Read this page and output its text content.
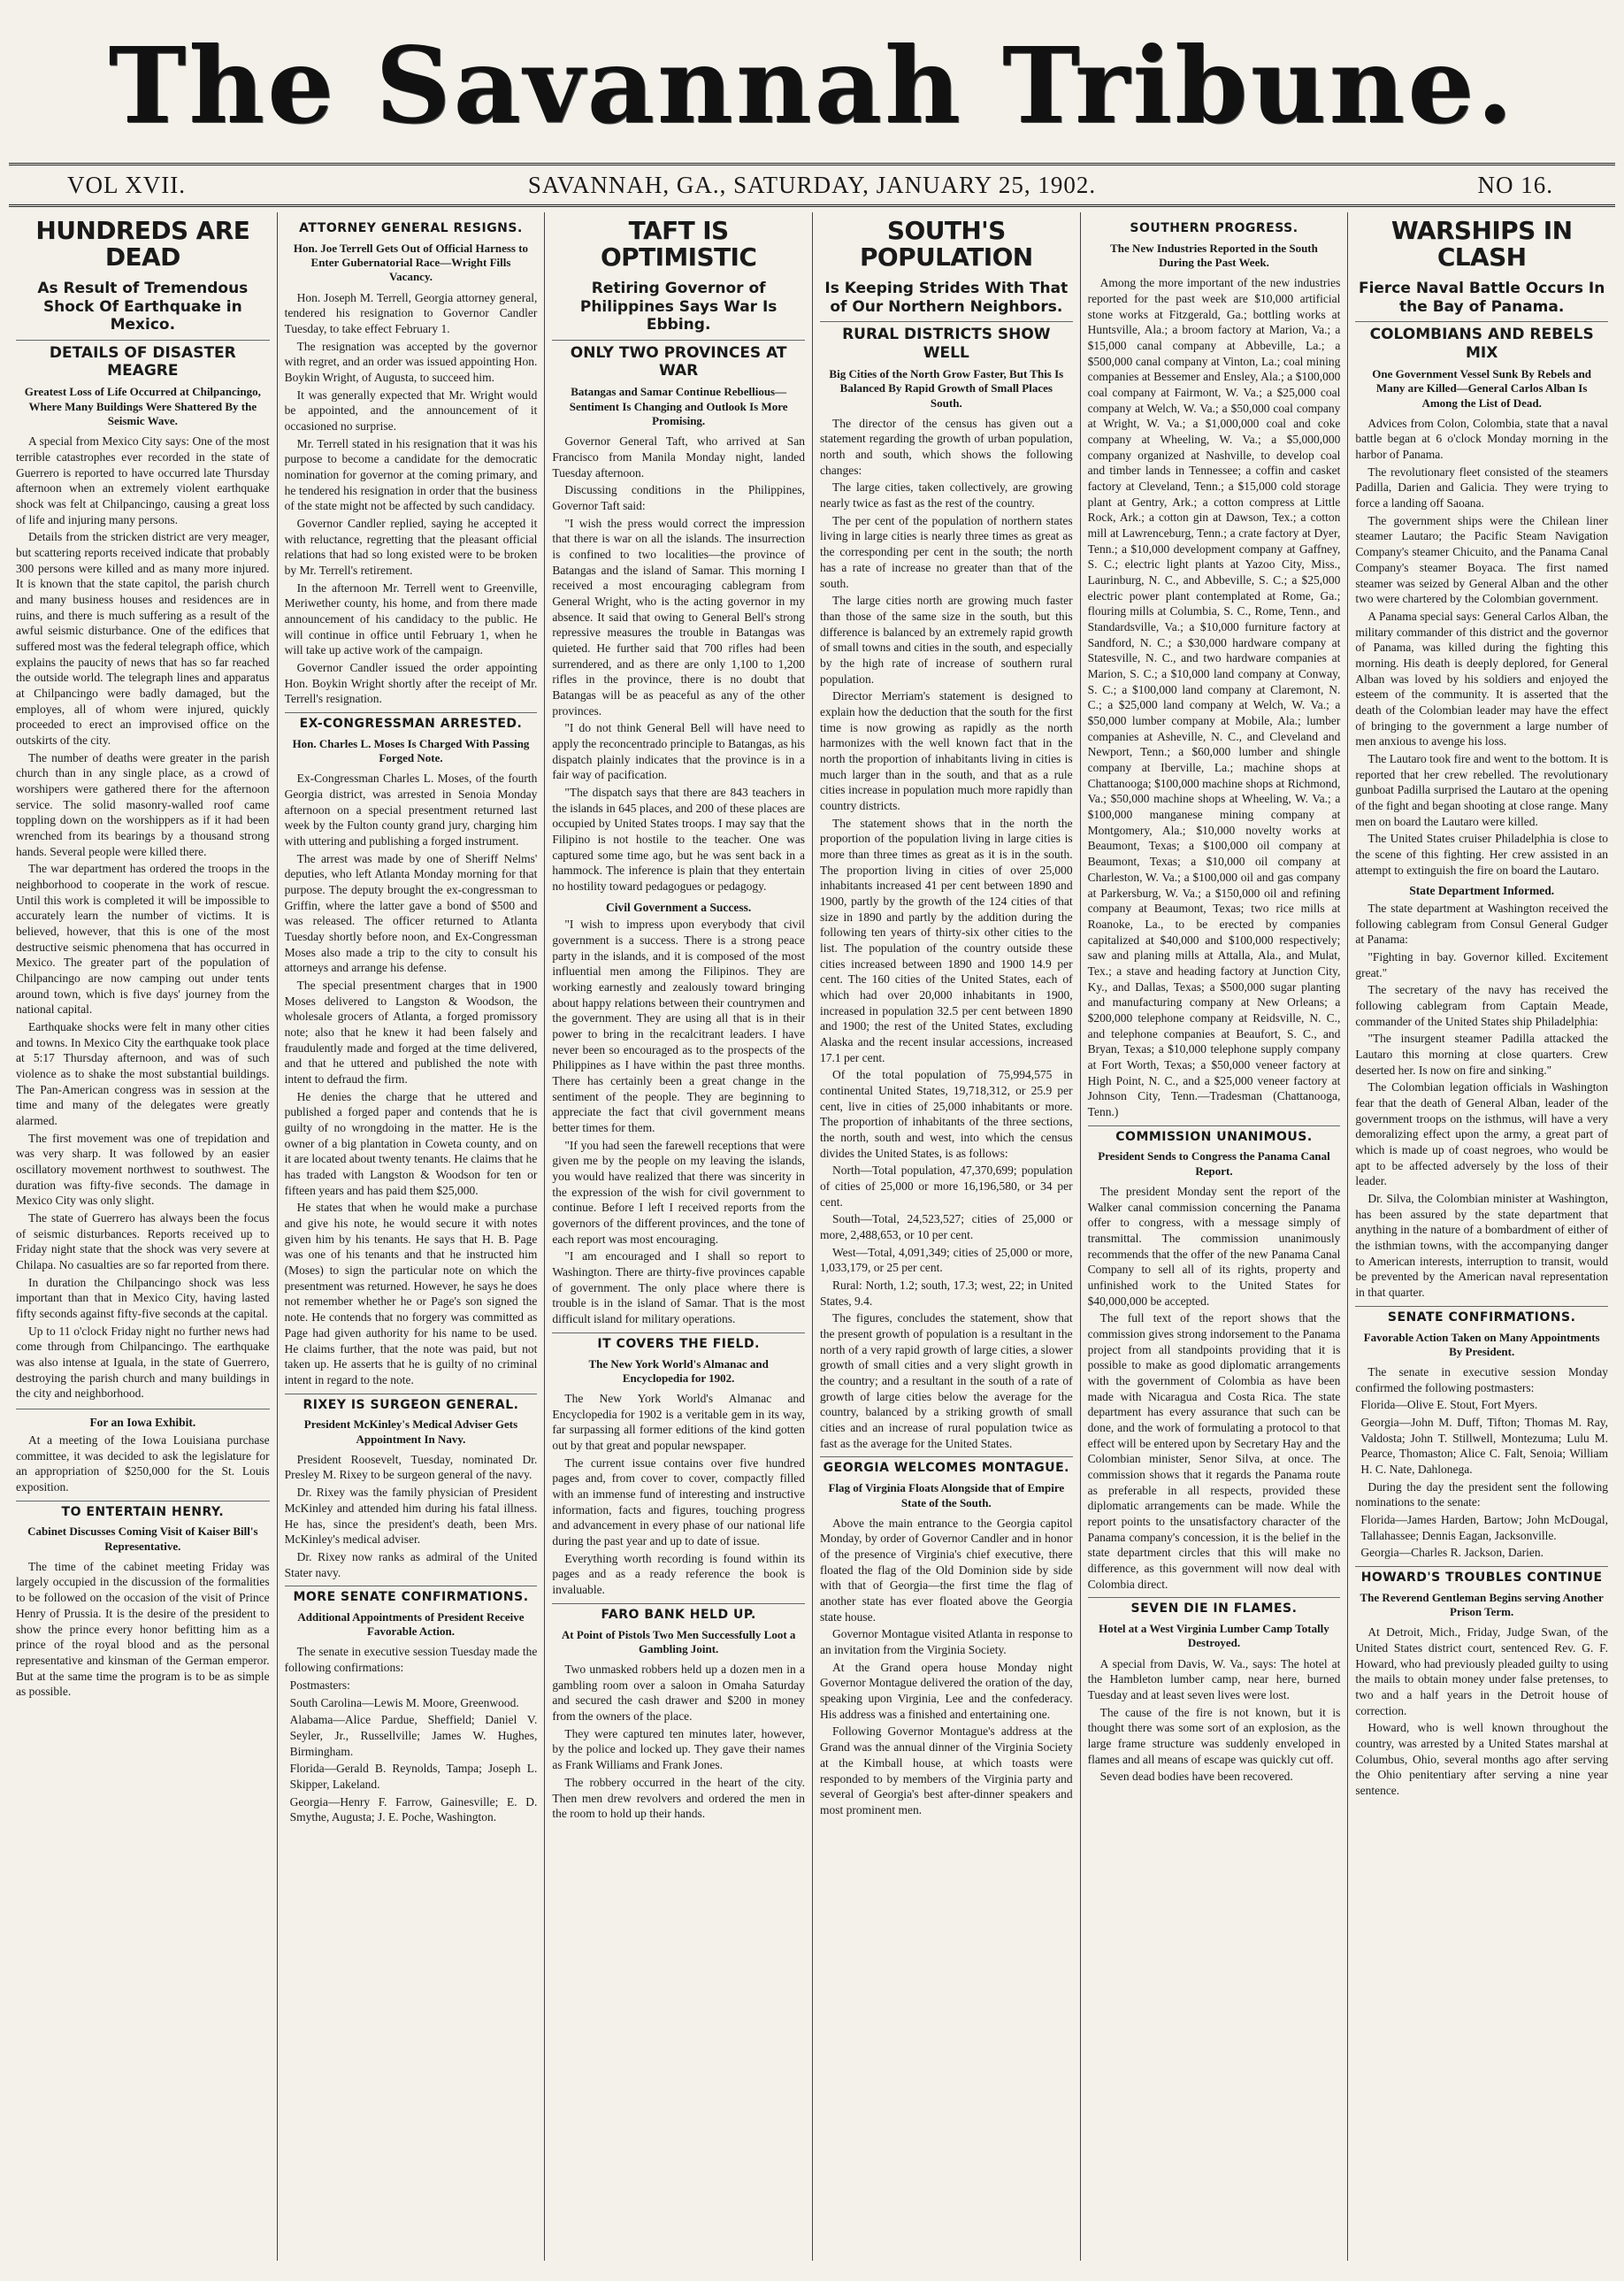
The Savannah Tribune.
VOL XVII.	SAVANNAH, GA., SATURDAY, JANUARY 25, 1902.	NO 16.
HUNDREDS ARE DEAD
As Result of Tremendous Shock Of Earthquake in Mexico.
DETAILS OF DISASTER MEAGRE
Greatest Loss of Life Occurred at Chilpancingo, Where Many Buildings Were Shattered By the Seismic Wave.

A special from Mexico City says: One of the most terrible catastrophes ever recorded in the state of Guerrero is reported to have occurred late Thursday afternoon when an extremely violent earthquake shock was felt at Chilpancingo, causing a great loss of life and injuring many persons.

Details from the stricken district are very meager, but scattering reports received indicate that probably 300 persons were killed and as many more injured. It is known that the state capitol, the parish church and many business houses and residences are in ruins, and there is much suffering as a result of the awful seismic disturbance. One of the edifices that suffered most was the federal telegraph office, which explains the paucity of news that has so far reached the outside world. The telegraph lines and apparatus at Chilpancingo were badly damaged, but the employes, all of whom were injured, quickly proceeded to erect an improvised office on the outskirts of the city.

The number of deaths were greater in the parish church than in any single place, as a crowd of worshipers were gathered there for the afternoon service. The solid masonry-walled roof came toppling down on the worshippers as if it had been wrenched from its bearings by a thousand strong hands. Several people were killed there.

The war department has ordered the troops in the neighborhood to cooperate in the work of rescue. Until this work is completed it will be impossible to accurately learn the number of victims. It is believed, however, that this is one of the most destructive seismic phenomena that has occurred in Mexico. The greater part of the population of Chilpancingo are now camping out under tents around town, which is five days' journey from the national capital.

Earthquake shocks were felt in many other cities and towns. In Mexico City the earthquake took place at 5:17 Thursday afternoon, and was of such violence as to shake the most substantial buildings. The Pan-American congress was in session at the time and many of the delegates were greatly alarmed.

The first movement was one of trepidation and was very sharp. It was followed by an easier oscillatory movement northwest to southwest. The duration was fifty-five seconds. The damage in Mexico City was only slight.

The state of Guerrero has always been the focus of seismic disturbances. Reports received up to Friday night state that the shock was very severe at Chilapa. No casualties are so far reported from there.

In duration the Chilpancingo shock was less important than that in Mexico City, having lasted fifty seconds against fifty-five seconds at the capital.

Up to 11 o'clock Friday night no further news had come through from Chilpancingo. The earthquake was also intense at Iguala, in the state of Guerrero, destroying the parish church and many buildings in the city and neighborhood.

For an Iowa Exhibit.

At a meeting of the Iowa Louisiana purchase committee, it was decided to ask the legislature for an appropriation of $250,000 for the St. Louis exposition.

TO ENTERTAIN HENRY.
Cabinet Discusses Coming Visit of Kaiser Bill's Representative.

The time of the cabinet meeting Friday was largely occupied in the discussion of the formalities to be followed on the occasion of the visit of Prince Henry of Prussia. It is the desire of the president to show the prince every honor befitting him as a prince of the royal blood and as the personal representative and kinsman of the German emperor. But at the same time the program is to be as simple as possible.

ATTORNEY GENERAL RESIGNS.
Hon. Joe Terrell Gets Out of Official Harness to Enter Gubernatorial Race—Wright Fills Vacancy.

Hon. Joseph M. Terrell, Georgia attorney general, tendered his resignation to Governor Candler Tuesday, to take effect February 1.

The resignation was accepted by the governor with regret, and an order was issued appointing Hon. Boykin Wright, of Augusta, to succeed him.

It was generally expected that Mr. Wright would be appointed, and the announcement of it occasioned no surprise.

Mr. Terrell stated in his resignation that it was his purpose to become a candidate for the democratic nomination for governor at the coming primary, and he tendered his resignation in order that the business of the state might not be affected by such candidacy.

Governor Candler replied, saying he accepted it with reluctance, regretting that the pleasant official relations that had so long existed were to be broken by Mr. Terrell's retirement.

In the afternoon Mr. Terrell went to Greenville, Meriwether county, his home, and from there made announcement of his candidacy to the public. He will continue in office until February 1, when he will take up active work of the campaign.

Governor Candler issued the order appointing Hon. Boykin Wright shortly after the receipt of Mr. Terrell's resignation.

EX-CONGRESSMAN ARRESTED.
Hon. Charles L. Moses Is Charged With Passing Forged Note.

Ex-Congressman Charles L. Moses, of the fourth Georgia district, was arrested in Senoia Monday afternoon on a special presentment returned last week by the Fulton county grand jury, charging him with uttering and publishing a forged instrument.

The arrest was made by one of Sheriff Nelms' deputies, who left Atlanta Monday morning for that purpose. The deputy brought the ex-congressman to Griffin, where the latter gave a bond of $500 and was released. The officer returned to Atlanta Tuesday shortly before noon, and Ex-Congressman Moses also made a trip to the city to consult his attorneys and arrange his defense.

The special presentment charges that in 1900 Moses delivered to Langston & Woodson, the wholesale grocers of Atlanta, a forged promissory note; also that he knew it had been falsely and fraudulently made and forged at the time delivered, and that he uttered and published the note with intent to defraud the firm.

He denies the charge that he uttered and published a forged paper and contends that he is guilty of no wrongdoing in the matter. He is the owner of a big plantation in Coweta county, and on it are located about twenty tenants. He claims that he has traded with Langston & Woodson for ten or fifteen years and has paid them $25,000.

He states that when he would make a purchase and give his note, he would secure it with notes given him by his tenants. He says that H. B. Page was one of his tenants and that he instructed him (Moses) to sign the particular note on which the presentment was returned. However, he says he does not remember whether he or Page's son signed the note. He contends that no forgery was committed as Page had given authority for his name to be used. He claims further, that the note was paid, but not taken up. He asserts that he is guilty of no criminal intent in regard to the note.

RIXEY IS SURGEON GENERAL.
President McKinley's Medical Adviser Gets Appointment In Navy.

President Roosevelt, Tuesday, nominated Dr. Presley M. Rixey to be surgeon general of the navy.

Dr. Rixey was the family physician of President McKinley and attended him during his fatal illness. He has, since the president's death, been Mrs. McKinley's medical adviser.

Dr. Rixey now ranks as admiral of the United Stater navy.

MORE SENATE CONFIRMATIONS.
Additional Appointments of President Receive Favorable Action.

The senate in executive session Tuesday made the following confirmations:

Postmasters:

South Carolina—Lewis M. Moore, Greenwood.

Alabama—Alice Pardue, Sheffield; Daniel V. Seyler, Jr., Russellville; James W. Hughes, Birmingham.

Florida—Gerald B. Reynolds, Tampa; Joseph L. Skipper, Lakeland.

Georgia—Henry F. Farrow, Gainesville; E. D. Smythe, Augusta; J. E. Poche, Washington.

TAFT IS OPTIMISTIC
Retiring Governor of Philippines Says War Is Ebbing.
ONLY TWO PROVINCES AT WAR
Batangas and Samar Continue Rebellious—Sentiment Is Changing and Outlook Is More Promising.

Governor General Taft, who arrived at San Francisco from Manila Monday night, landed Tuesday afternoon.

Discussing conditions in the Philippines, Governor Taft said:

"I wish the press would correct the impression that there is war on all the islands. The insurrection is confined to two localities—the province of Batangas and the island of Samar. This morning I received a most encouraging cablegram from General Wright, who is the acting governor in my absence. It said that owing to General Bell's strong repressive measures the trouble in Batangas was quieted. He further said that 700 rifles had been surrendered, and as there are only 1,100 to 1,200 rifles in the province, there is no doubt that Batangas will be as peaceful as any of the other provinces.

"I do not think General Bell will have need to apply the reconcentrado principle to Batangas, as his dispatch plainly indicates that the province is in a fair way of pacification.

"The dispatch says that there are 843 teachers in the islands in 645 places, and 200 of these places are occupied by United States troops. I may say that the Filipino is not hostile to the teacher. One was captured some time ago, but he was sent back in a hammock. The inference is plain that they entertain no hostility toward pedagogues or pedagogy.

Civil Government a Success.

"I wish to impress upon everybody that civil government is a success. There is a strong peace party in the islands, and it is composed of the most influential men among the Filipinos. They are working earnestly and zealously toward bringing about happy relations between their countrymen and the government. They are using all that is in their power to bring in the recalcitrant leaders. I have never been so encouraged as to the prospects of the Philippines as I have within the past three months. There has certainly been a great change in the sentiment of the people. They are beginning to appreciate the fact that civil government means better times for them.

"If you had seen the farewell receptions that were given me by the people on my leaving the islands, you would have realized that there was sincerity in the expression of the wish for civil government to continue. Before I left I received reports from the governors of the different provinces, and the tone of each report was most encouraging.

"I am encouraged and I shall so report to Washington. There are thirty-five provinces capable of government. The only place where there is trouble is in the island of Samar. That is the most difficult island for military operations.

IT COVERS THE FIELD.
The New York World's Almanac and Encyclopedia for 1902.

The New York World's Almanac and Encyclopedia for 1902 is a veritable gem in its way, far surpassing all former editions of the kind gotten out by that great and popular newspaper.

The current issue contains over five hundred pages and, from cover to cover, compactly filled with an immense fund of interesting and instructive information, facts and figures, touching progress and advancement in every phase of our national life during the past year and up to date of issue.

Everything worth recording is found within its pages and as a ready reference the book is invaluable.

FARO BANK HELD UP.
At Point of Pistols Two Men Successfully Loot a Gambling Joint.

Two unmasked robbers held up a dozen men in a gambling room over a saloon in Omaha Saturday and secured the cash drawer and $200 in money from the owners of the place.

They were captured ten minutes later, however, by the police and locked up. They gave their names as Frank Williams and Frank Jones.

The robbery occurred in the heart of the city. Then men drew revolvers and ordered the men in the room to hold up their hands.

SOUTH'S POPULATION
Is Keeping Strides With That of Our Northern Neighbors.
RURAL DISTRICTS SHOW WELL
Big Cities of the North Grow Faster, But This Is Balanced By Rapid Growth of Small Places South.

The director of the census has given out a statement regarding the growth of urban population, north and south, which shows the following changes:

The large cities, taken collectively, are growing nearly twice as fast as the rest of the country.

The per cent of the population of northern states living in large cities is nearly three times as great as the corresponding per cent in the south; the north has a rate of increase no greater than that of the south.

The large cities north are growing much faster than those of the same size in the south, but this difference is balanced by an extremely rapid growth of small towns and cities in the south, and especially by the high rate of increase of southern rural population.

Director Merriam's statement is designed to explain how the deduction that the south for the first time is now growing as rapidly as the north harmonizes with the well known fact that in the north the proportion of inhabitants living in cities is much larger than in the south, and that as a rule cities increase in population much more rapidly than country districts.

The statement shows that in the north the proportion of the population living in large cities is more than three times as great as it is in the south. The proportion living in cities of over 25,000 inhabitants increased 41 per cent between 1890 and 1900, partly by the growth of the 124 cities of that size in 1890 and partly by the addition during the following ten years of thirty-six other cities to the list. The population of the country outside these cities increased between 1890 and 1900 14.9 per cent. The 160 cities of the United States, each of which had over 20,000 inhabitants in 1900, increased in population 32.5 per cent between 1890 and 1900; the rest of the United States, excluding Alaska and the recent insular accessions, increased 17.1 per cent.

Of the total population of 75,994,575 in continental United States, 19,718,312, or 25.9 per cent, live in cities of 25,000 inhabitants or more. The proportion of inhabitants of the three sections, the north, south and west, into which the census divides the United States, is as follows:

North—Total population, 47,370,699; population of cities of 25,000 or more 16,196,580, or 34 per cent.

South—Total, 24,523,527; cities of 25,000 or more, 2,488,653, or 10 per cent.

West—Total, 4,091,349; cities of 25,000 or more, 1,033,179, or 25 per cent.

Rural: North, 1.2; south, 17.3; west, 22; in United States, 9.4.

The figures, concludes the statement, show that the present growth of population is a resultant in the north of a very rapid growth of large cities, a slower growth of small cities and a very slight growth in the country; and a resultant in the south of a rate of growth of large cities below the average for the country, balanced by a striking growth of small cities and an increase of rural population twice as fast as the average for the United States.

GEORGIA WELCOMES MONTAGUE.
Flag of Virginia Floats Alongside that of Empire State of the South.

Above the main entrance to the Georgia capitol Monday, by order of Governor Candler and in honor of the presence of Virginia's chief executive, there floated the flag of the Old Dominion side by side with that of Georgia—the first time the flag of another state has ever floated above the Georgia state house.

Governor Montague visited Atlanta in response to an invitation from the Virginia Society.

At the Grand opera house Monday night Governor Montague delivered the oration of the day, speaking upon Virginia, Lee and the confederacy. His address was a finished and entertaining one.

Following Governor Montague's address at the Grand was the annual dinner of the Virginia Society at the Kimball house, at which toasts were responded to by members of the Virginia party and several of Georgia's best after-dinner speakers and most prominent men.

SOUTHERN PROGRESS.
The New Industries Reported in the South During the Past Week.

Among the more important of the new industries reported for the past week are $10,000 artificial stone works at Fitzgerald, Ga.; bottling works at Huntsville, Ala.; a broom factory at Marion, Va.; a $15,000 canal company at Abbeville, La.; a $500,000 canal company at Vinton, La.; coal mining companies at Bessemer and Ensley, Ala.; a $100,000 coal company at Fairmont, W. Va.; a $25,000 coal company at Welch, W. Va.; a $50,000 coal company at Wright, W. Va.; a $1,000,000 coal and coke company at Wheeling, W. Va.; a $5,000,000 company organized at Nashville, to develop coal and timber lands in Tennessee; a coffin and casket factory at Cleveland, Tenn.; a $15,000 cold storage plant at Gentry, Ark.; a cotton compress at Little Rock, Ark.; a cotton gin at Dawson, Tex.; a cotton mill at Lawrenceburg, Tenn.; a crate factory at Dyer, Tenn.; a $10,000 development company at Gaffney, S. C.; electric light plants at Yazoo City, Miss., Laurinburg, N. C., and Abbeville, S. C.; a $25,000 electric power plant contemplated at Rome, Ga.; flouring mills at Columbia, S. C., Rome, Tenn., and Standardsville, Va.; a $10,000 furniture factory at Sandford, N. C.; a $30,000 hardware company at Statesville, N. C., and two hardware companies at Marion, S. C.; a $10,000 land company at Conway, S. C.; a $100,000 land company at Claremont, N. C.; a $25,000 land company at Welch, W. Va.; a $50,000 lumber company at Mobile, Ala.; lumber companies at Asheville, N. C., and Cleveland and Newport, Tenn.; a $60,000 lumber and shingle company at Iberville, La.; machine shops at Chattanooga; $100,000 machine shops at Richmond, Va.; $50,000 machine shops at Wheeling, W. Va.; a $100,000 manganese mining company at Montgomery, Ala.; $10,000 novelty works at Beaumont, Texas; a $100,000 oil company at Beaumont, Texas; a $10,000 oil company at Charleston, W. Va.; a $100,000 oil and gas company at Parkersburg, W. Va.; a $150,000 oil and refining company at Beaumont, Texas; two rice mills at Roanoke, La., to be erected by companies capitalized at $40,000 and $100,000 respectively; saw and planing mills at Attalla, Ala., and Mulat, Tex.; a stave and heading factory at Junction City, Ky., and Dallas, Texas; a $500,000 sugar planting and manufacturing company at New Orleans; a $200,000 telephone company at Reidsville, N. C., and telephone companies at Beaufort, S. C., and Bryan, Texas; a $10,000 telephone supply company at Fort Worth, Texas; a $50,000 veneer factory at High Point, N. C., and a $25,000 veneer factory at Johnson City, Tenn.—Tradesman (Chattanooga, Tenn.)

COMMISSION UNANIMOUS.
President Sends to Congress the Panama Canal Report.

The president Monday sent the report of the Walker canal commission concerning the Panama offer to congress, with a message simply of transmittal. The commission unanimously recommends that the offer of the new Panama Canal Company to sell all of its rights, property and unfinished work to the United States for $40,000,000 be accepted.

The full text of the report shows that the commission gives strong indorsement to the Panama project from all standpoints providing that it is possible to make as good diplomatic arrangements with the government of Colombia as have been made with Nicaragua and Costa Rica. The state department has every assurance that such can be done, and the work of formulating a protocol to that effect will be entered upon by Secretary Hay and the Colombian minister, Senor Silva, at once. The commission shows that it regards the Panama route as preferable in all respects, provided these diplomatic arrangements can be made. While the report points to the unsatisfactory character of the Panama company's concession, it is the belief in the state department circles that this will make no difference, as this government will now deal with Colombia direct.

SEVEN DIE IN FLAMES.
Hotel at a West Virginia Lumber Camp Totally Destroyed.

A special from Davis, W. Va., says: The hotel at the Hambleton lumber camp, near here, burned Tuesday and at least seven lives were lost.

The cause of the fire is not known, but it is thought there was some sort of an explosion, as the large frame structure was suddenly enveloped in flames and all means of escape was quickly cut off.

Seven dead bodies have been recovered.

WARSHIPS IN CLASH
Fierce Naval Battle Occurs In the Bay of Panama.
COLOMBIANS AND REBELS MIX
One Government Vessel Sunk By Rebels and Many are Killed—General Carlos Alban Is Among the List of Dead.

Advices from Colon, Colombia, state that a naval battle began at 6 o'clock Monday morning in the harbor of Panama.

The revolutionary fleet consisted of the steamers Padilla, Darien and Galicia. They were trying to force a landing off Saoana.

The government ships were the Chilean liner steamer Lautaro; the Pacific Steam Navigation Company's steamer Chicuito, and the Panama Canal Company's steamer Boyaca. The first named steamer was seized by General Alban and the other two were chartered by the Colombian government.

A Panama special says: General Carlos Alban, the military commander of this district and the governor of Panama, was killed during the fighting this morning. His death is deeply deplored, for General Alban was loved by his soldiers and enjoyed the esteem of the community. It is asserted that the death of the Colombian leader may have the effect of bringing to the government a large number of men anxious to avenge his loss.

The Lautaro took fire and went to the bottom. It is reported that her crew rebelled. The revolutionary gunboat Padilla surprised the Lautaro at the opening of the fight and began shooting at close range. Many men on board the Lautaro were killed.

The United States cruiser Philadelphia is close to the scene of this fighting. Her crew assisted in an attempt to extinguish the fire on board the Lautaro.

State Department Informed.

The state department at Washington received the following cablegram from Consul General Gudger at Panama:

"Fighting in bay. Governor killed. Excitement great."

The secretary of the navy has received the following cablegram from Captain Meade, commander of the United States ship Philadelphia:

"The insurgent steamer Padilla attacked the Lautaro this morning at close quarters. Crew deserted her. Is now on fire and sinking."

The Colombian legation officials in Washington fear that the death of General Alban, leader of the government troops on the isthmus, will have a very demoralizing effect upon the army, a great part of which is made up of coast negroes, who would be apt to be affected adversely by the loss of their leader.

Dr. Silva, the Colombian minister at Washington, has been assured by the state department that anything in the nature of a bombardment of either of the isthmian towns, with the accompanying danger to American interests, interruption to transit, would be prevented by the American naval representation in that quarter.

SENATE CONFIRMATIONS.
Favorable Action Taken on Many Appointments By President.

The senate in executive session Monday confirmed the following postmasters:

Florida—Olive E. Stout, Fort Myers.

Georgia—John M. Duff, Tifton; Thomas M. Ray, Valdosta; John T. Stillwell, Montezuma; Lulu M. Pearce, Thomaston; Alice C. Falt, Senoia; William H. C. Nate, Dahlonega.

During the day the president sent the following nominations to the senate:

Florida—James Harden, Bartow; John McDougal, Tallahassee; Dennis Eagan, Jacksonville.

Georgia—Charles R. Jackson, Darien.

HOWARD'S TROUBLES CONTINUE
The Reverend Gentleman Begins serving Another Prison Term.

At Detroit, Mich., Friday, Judge Swan, of the United States district court, sentenced Rev. G. F. Howard, who had previously pleaded guilty to using the mails to obtain money under false pretenses, to two and a half years in the Detroit house of correction.

Howard, who is well known throughout the country, was arrested by a United States marshal at Columbus, Ohio, several months ago after serving the Ohio penitentiary after serving a nine year sentence.
